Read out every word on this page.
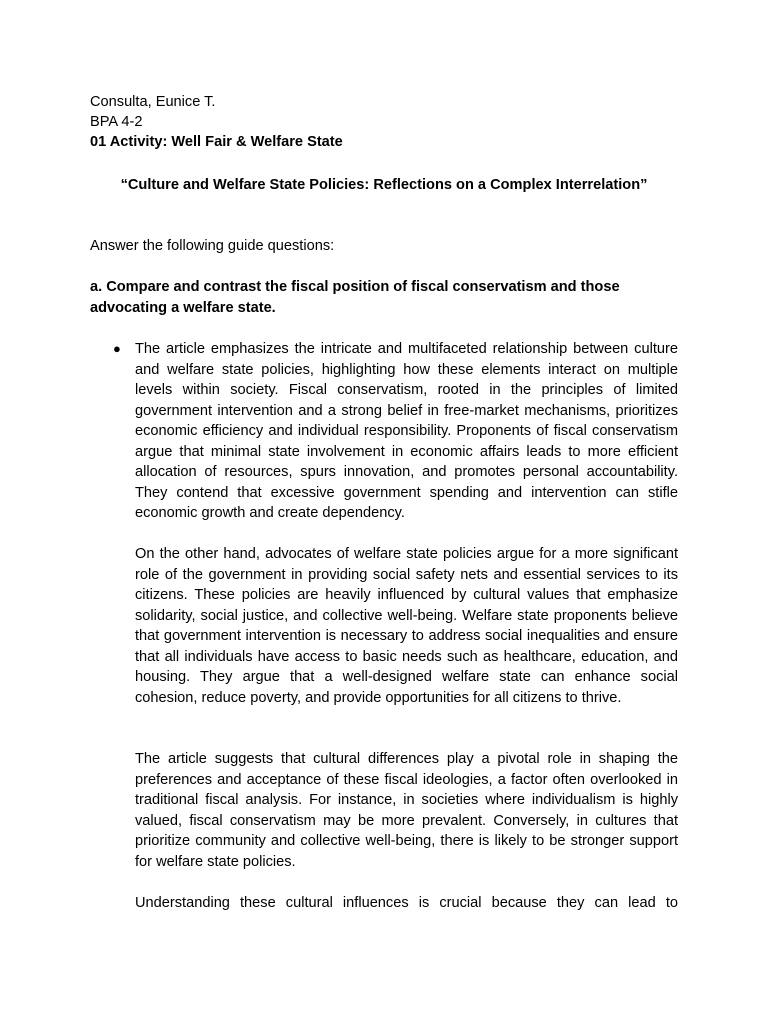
Consulta, Eunice T.
BPA 4-2
01 Activity: Well Fair & Welfare State
“Culture and Welfare State Policies: Reflections on a Complex Interrelation”
Answer the following guide questions:
a. Compare and contrast the fiscal position of fiscal conservatism and those advocating a welfare state.
● The article emphasizes the intricate and multifaceted relationship between culture and welfare state policies, highlighting how these elements interact on multiple levels within society. Fiscal conservatism, rooted in the principles of limited government intervention and a strong belief in free-market mechanisms, prioritizes economic efficiency and individual responsibility. Proponents of fiscal conservatism argue that minimal state involvement in economic affairs leads to more efficient allocation of resources, spurs innovation, and promotes personal accountability. They contend that excessive government spending and intervention can stifle economic growth and create dependency.

On the other hand, advocates of welfare state policies argue for a more significant role of the government in providing social safety nets and essential services to its citizens. These policies are heavily influenced by cultural values that emphasize solidarity, social justice, and collective well-being. Welfare state proponents believe that government intervention is necessary to address social inequalities and ensure that all individuals have access to basic needs such as healthcare, education, and housing. They argue that a well-designed welfare state can enhance social cohesion, reduce poverty, and provide opportunities for all citizens to thrive.

The article suggests that cultural differences play a pivotal role in shaping the preferences and acceptance of these fiscal ideologies, a factor often overlooked in traditional fiscal analysis. For instance, in societies where individualism is highly valued, fiscal conservatism may be more prevalent. Conversely, in cultures that prioritize community and collective well-being, there is likely to be stronger support for welfare state policies.

Understanding these cultural influences is crucial because they can lead to
